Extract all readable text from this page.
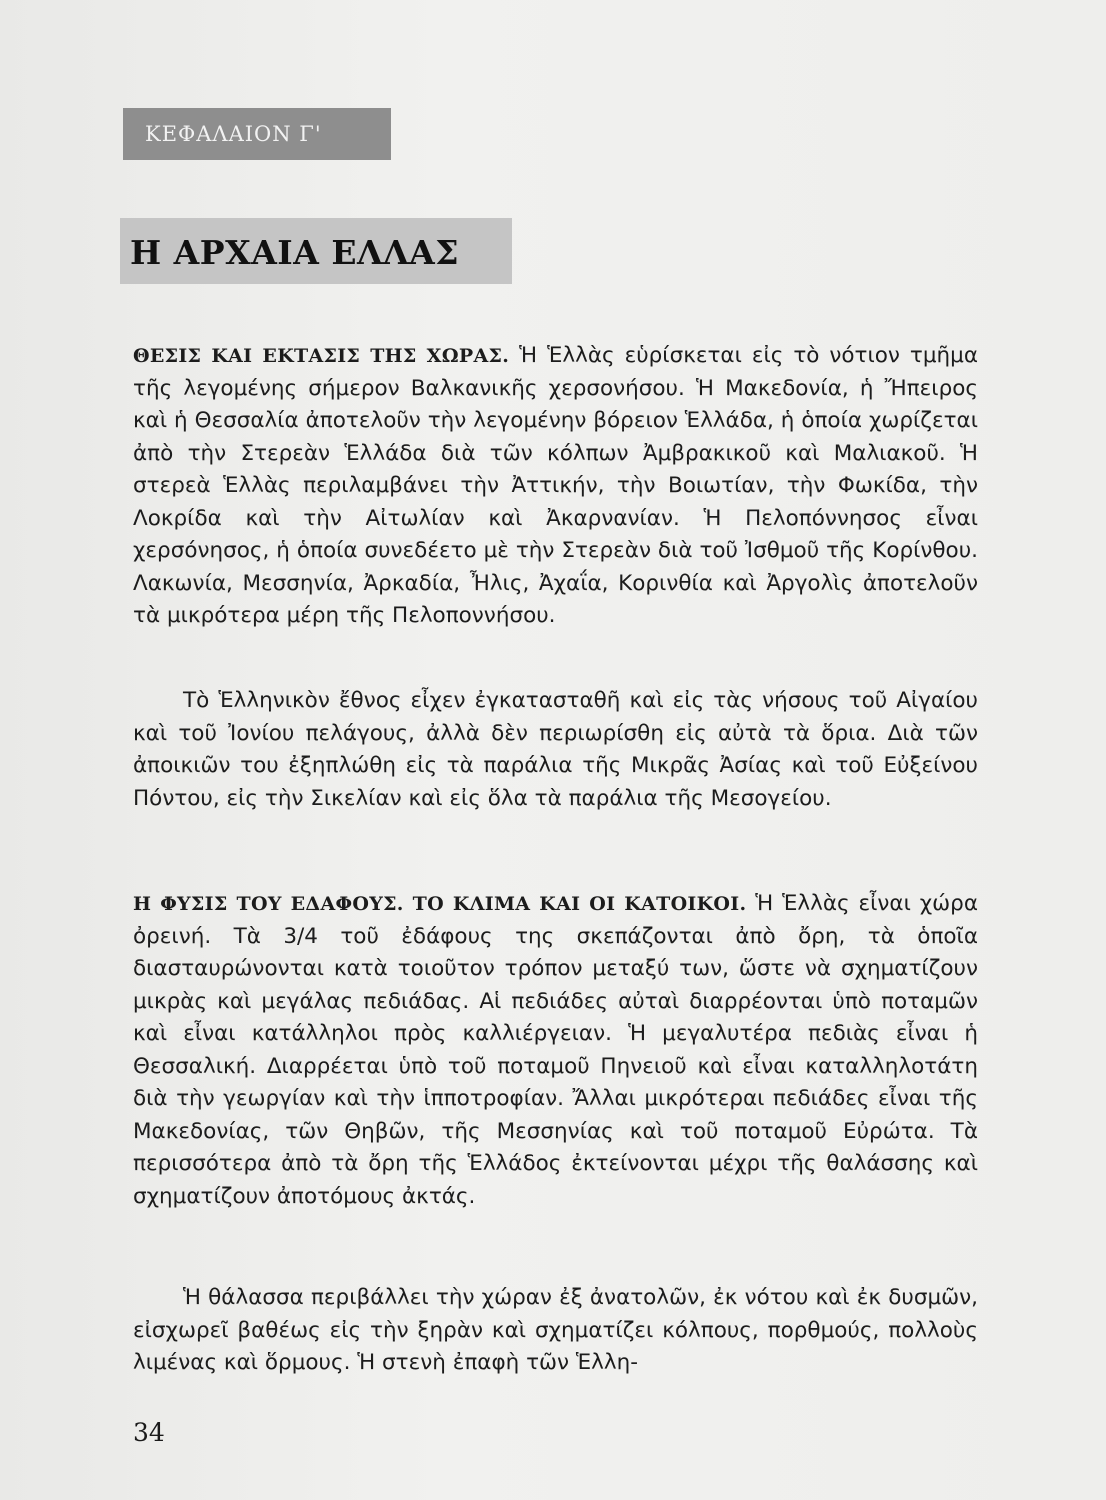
ΚΕΦΑΛΑΙΟΝ Γ'
Η ΑΡΧΑΙΑ ΕΛΛΑΣ

ΘΕΣΙΣ ΚΑΙ ΕΚΤΑΣΙΣ ΤΗΣ ΧΩΡΑΣ. Ἡ Ἑλλὰς εὑρίσκεται εἰς τὸ νότιον τμῆμα τῆς λεγομένης σήμερον Βαλκανικῆς χερσονήσου. Ἡ Μακεδονία, ἡ Ἤπειρος καὶ ἡ Θεσσαλία ἀποτελοῦν τὴν λεγομένην βόρειον Ἑλλάδα, ἡ ὁποία χωρίζεται ἀπὸ τὴν Στερεὰν Ἑλλάδα διὰ τῶν κόλπων Ἀμβρακικοῦ καὶ Μαλιακοῦ. Ἡ στερεὰ Ἑλλὰς περιλαμβάνει τὴν Ἀττικήν, τὴν Βοιωτίαν, τὴν Φωκίδα, τὴν Λοκρίδα καὶ τὴν Αἰτωλίαν καὶ Ἀκαρνανίαν. Ἡ Πελοπόννησος εἶναι χερσόνησος, ἡ ὁποία συνεδέετο μὲ τὴν Στερεὰν διὰ τοῦ Ἰσθμοῦ τῆς Κορίνθου. Λακωνία, Μεσσηνία, Ἀρκαδία, Ἦλις, Ἀχαΐα, Κορινθία καὶ Ἀργολὶς ἀποτελοῦν τὰ μικρότερα μέρη τῆς Πελοποννήσου.

Τὸ Ἑλληνικὸν ἔθνος εἶχεν ἐγκατασταθῆ καὶ εἰς τὰς νήσους τοῦ Αἰγαίου καὶ τοῦ Ἰονίου πελάγους, ἀλλὰ δὲν περιωρίσθη εἰς αὐτὰ τὰ ὅρια. Διὰ τῶν ἀποικιῶν του ἐξηπλώθη εἰς τὰ παράλια τῆς Μικρᾶς Ἀσίας καὶ τοῦ Εὐξείνου Πόντου, εἰς τὴν Σικελίαν καὶ εἰς ὅλα τὰ παράλια τῆς Μεσογείου.

Η ΦΥΣΙΣ ΤΟΥ ΕΔΑΦΟΥΣ. ΤΟ ΚΛΙΜΑ ΚΑΙ ΟΙ ΚΑΤΟΙΚΟΙ. Ἡ Ἑλλὰς εἶναι χώρα ὀρεινή. Τὰ 3/4 τοῦ ἐδάφους της σκεπάζονται ἀπὸ ὄρη, τὰ ὁποῖα διασταυρώνονται κατὰ τοιοῦτον τρόπον μεταξύ των, ὥστε νὰ σχηματίζουν μικρὰς καὶ μεγάλας πεδιάδας. Αἱ πεδιάδες αὐταὶ διαρρέονται ὑπὸ ποταμῶν καὶ εἶναι κατάλληλοι πρὸς καλλιέργειαν. Ἡ μεγαλυτέρα πεδιὰς εἶναι ἡ Θεσσαλική. Διαρρέεται ὑπὸ τοῦ ποταμοῦ Πηνειοῦ καὶ εἶναι καταλληλοτάτη διὰ τὴν γεωργίαν καὶ τὴν ἱπποτροφίαν. Ἄλλαι μικρότεραι πεδιάδες εἶναι τῆς Μακεδονίας, τῶν Θηβῶν, τῆς Μεσσηνίας καὶ τοῦ ποταμοῦ Εὐρώτα. Τὰ περισσότερα ἀπὸ τὰ ὄρη τῆς Ἑλλάδος ἐκτείνονται μέχρι τῆς θαλάσσης καὶ σχηματίζουν ἀποτόμους ἀκτάς.

Ἡ θάλασσα περιβάλλει τὴν χώραν ἐξ ἀνατολῶν, ἐκ νότου καὶ ἐκ δυσμῶν, εἰσχωρεῖ βαθέως εἰς τὴν ξηρὰν καὶ σχηματίζει κόλπους, πορθμούς, πολλοὺς λιμένας καὶ ὅρμους. Ἡ στενὴ ἐπαφὴ τῶν Ἑλλη-

34
